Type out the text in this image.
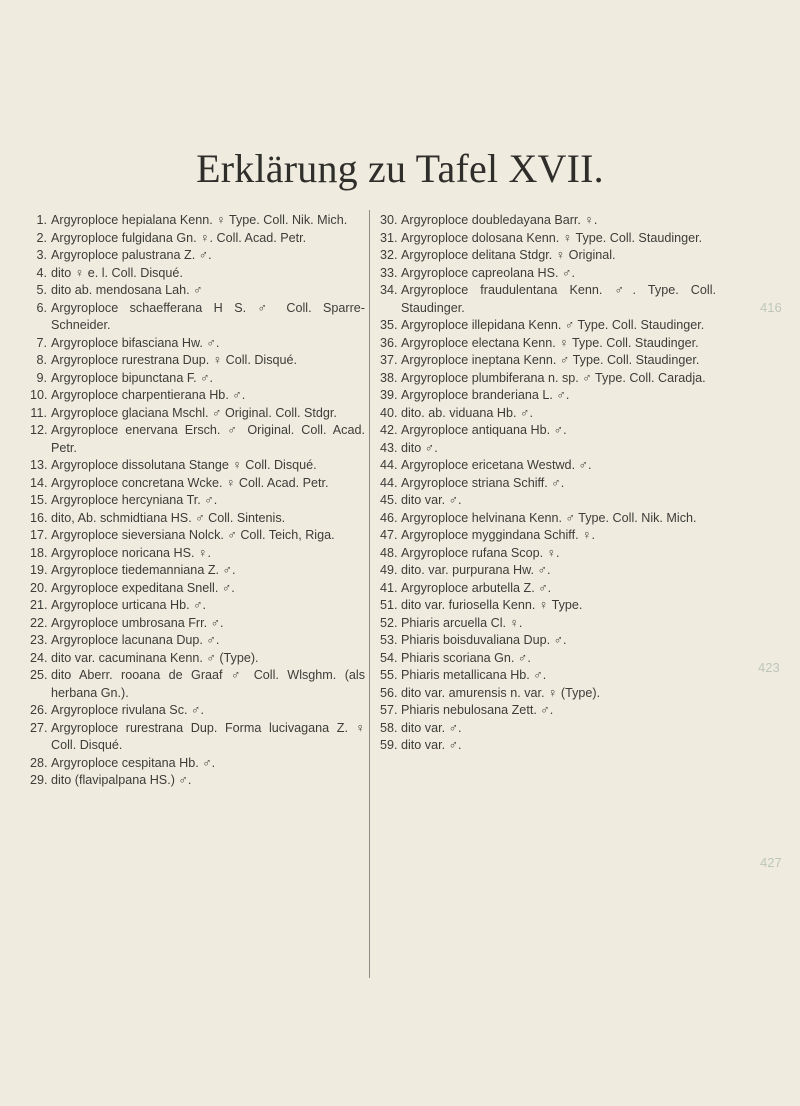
Erklärung zu Tafel XVII.

1. Argyroploce hepialana Kenn. ♀ Type. Coll. Nik. Mich.

2. Argyroploce fulgidana Gn. ♀. Coll. Acad. Petr.

3. Argyroploce palustrana Z. ♂.

4. dito ♀ e. l. Coll. Disqué.

5. dito ab. mendosana Lah. ♂

6. Argyroploce schaefferana H S. ♂ Coll. Sparre-Schneider.

7. Argyroploce bifasciana Hw. ♂.

8. Argyroploce rurestrana Dup. ♀ Coll. Disqué.

9. Argyroploce bipunctana F. ♂.

10. Argyroploce charpentierana Hb. ♂.

11. Argyroploce glaciana Mschl. ♂ Original. Coll. Stdgr.

12. Argyroploce enervana Ersch. ♂ Original. Coll. Acad. Petr.

13. Argyroploce dissolutana Stange ♀ Coll. Disqué.

14. Argyroploce concretana Wcke. ♀ Coll. Acad. Petr.

15. Argyroploce hercyniana Tr. ♂.

16. dito, Ab. schmidtiana HS. ♂ Coll. Sintenis.

17. Argyroploce sieversiana Nolck. ♂ Coll. Teich, Riga.

18. Argyroploce noricana HS. ♀.

19. Argyroploce tiedemanniana Z. ♂.

20. Argyroploce expeditana Snell. ♂.

21. Argyroploce urticana Hb. ♂.

22. Argyroploce umbrosana Frr. ♂.

23. Argyroploce lacunana Dup. ♂.

24. dito var. cacuminana Kenn. ♂ (Type).

25. dito Aberr. rooana de Graaf ♂ Coll. Wlsghm. (als herbana Gn.).

26. Argyroploce rivulana Sc. ♂.

27. Argyroploce rurestrana Dup. Forma lucivagana Z. ♀ Coll. Disqué.

28. Argyroploce cespitana Hb. ♂.

29. dito (flavipalpana HS.) ♂.

30. Argyroploce doubledayana Barr. ♀.

31. Argyroploce dolosana Kenn. ♀ Type. Coll. Staudinger.

32. Argyroploce delitana Stdgr. ♀ Original.

33. Argyroploce capreolana HS. ♂.

34. Argyroploce fraudulentana Kenn. ♂. Type. Coll. Staudinger.

35. Argyroploce illepidana Kenn. ♂ Type. Coll. Staudinger.

36. Argyroploce electana Kenn. ♀ Type. Coll. Staudinger.

37. Argyroploce ineptana Kenn. ♂ Type. Coll. Staudinger.

38. Argyroploce plumbiferana n. sp. ♂ Type. Coll. Caradja.

39. Argyroploce branderiana L. ♂.

40. dito. ab. viduana Hb. ♂.

42. Argyroploce antiquana Hb. ♂.

43. dito ♂.

44. Argyroploce ericetana Westwd. ♂.

44. Argyroploce striana Schiff. ♂.

45. dito var. ♂.

46. Argyroploce helvinana Kenn. ♂ Type. Coll. Nik. Mich.

47. Argyroploce myggindana Schiff. ♀.

48. Argyroploce rufana Scop. ♀.

49. dito. var. purpurana Hw. ♂.

41. Argyroploce arbutella Z. ♂.

51. dito var. furiosella Kenn. ♀ Type.

52. Phiaris arcuella Cl. ♀.

53. Phiaris boisduvaliana Dup. ♂.

54. Phiaris scoriana Gn. ♂.

55. Phiaris metallicana Hb. ♂.

56. dito var. amurensis n. var. ♀ (Type).

57. Phiaris nebulosana Zett. ♂.

58. dito var. ♂.

59. dito var. ♂.

416
423
427
